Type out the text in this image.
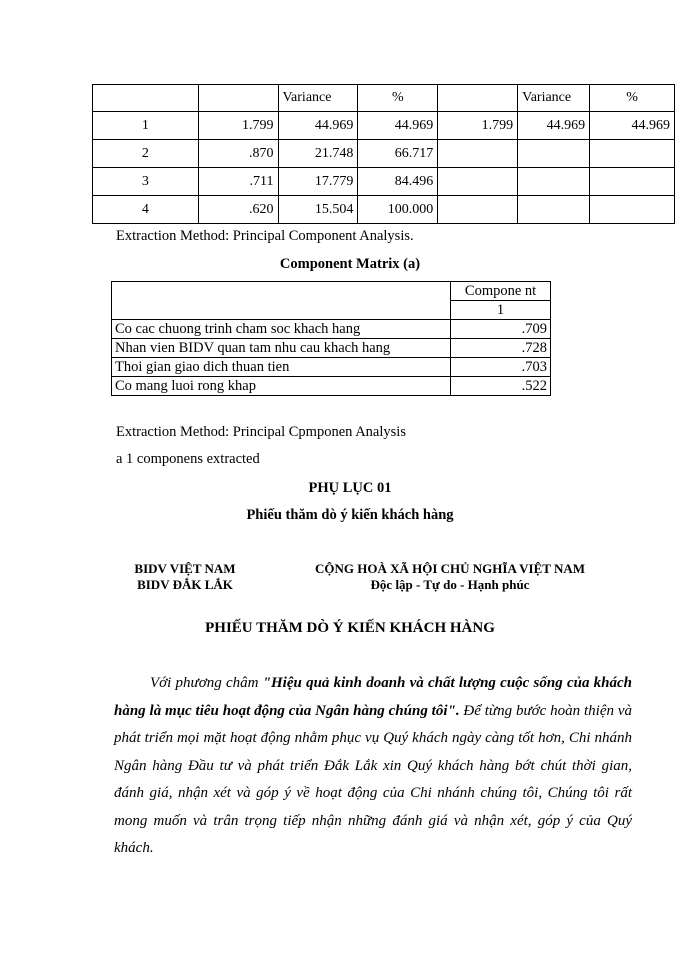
		Variance	%		Variance	%
1	1.799	44.969	44.969	1.799	44.969	44.969
2	.870	21.748	66.717			
3	.711	17.779	84.496			
4	.620	15.504	100.000			
Extraction Method: Principal Component Analysis.
Component Matrix (a)
	Compone nt
	1
Co cac chuong trinh cham soc khach hang	.709
Nhan vien BIDV quan tam nhu cau khach hang	.728
Thoi gian giao dich thuan tien	.703
Co mang luoi rong khap	.522
Extraction Method: Principal Cpmponen Analysis
a 1 componens extracted
PHỤ LỤC 01
Phiếu thăm dò ý kiến khách hàng
BIDV VIỆT NAM
BIDV ĐẮK LẮK
CỘNG HOÀ XÃ HỘI CHỦ NGHĨA VIỆT NAM
Độc lập - Tự do - Hạnh phúc
PHIẾU THĂM DÒ Ý KIẾN KHÁCH HÀNG
Với phương châm "Hiệu quả kinh doanh và chất lượng cuộc sống của khách hàng là mục tiêu hoạt động của Ngân hàng chúng tôi". Để từng bước hoàn thiện và phát triển mọi mặt hoạt động nhằm phục vụ Quý khách ngày càng tốt hơn, Chi nhánh Ngân hàng Đầu tư và phát triển Đắk Lắk xin Quý khách hàng bớt chút thời gian, đánh giá, nhận xét và góp ý về hoạt động của Chi nhánh chúng tôi, Chúng tôi rất mong muốn và trân trọng tiếp nhận những đánh giá và nhận xét, góp ý của Quý khách.
